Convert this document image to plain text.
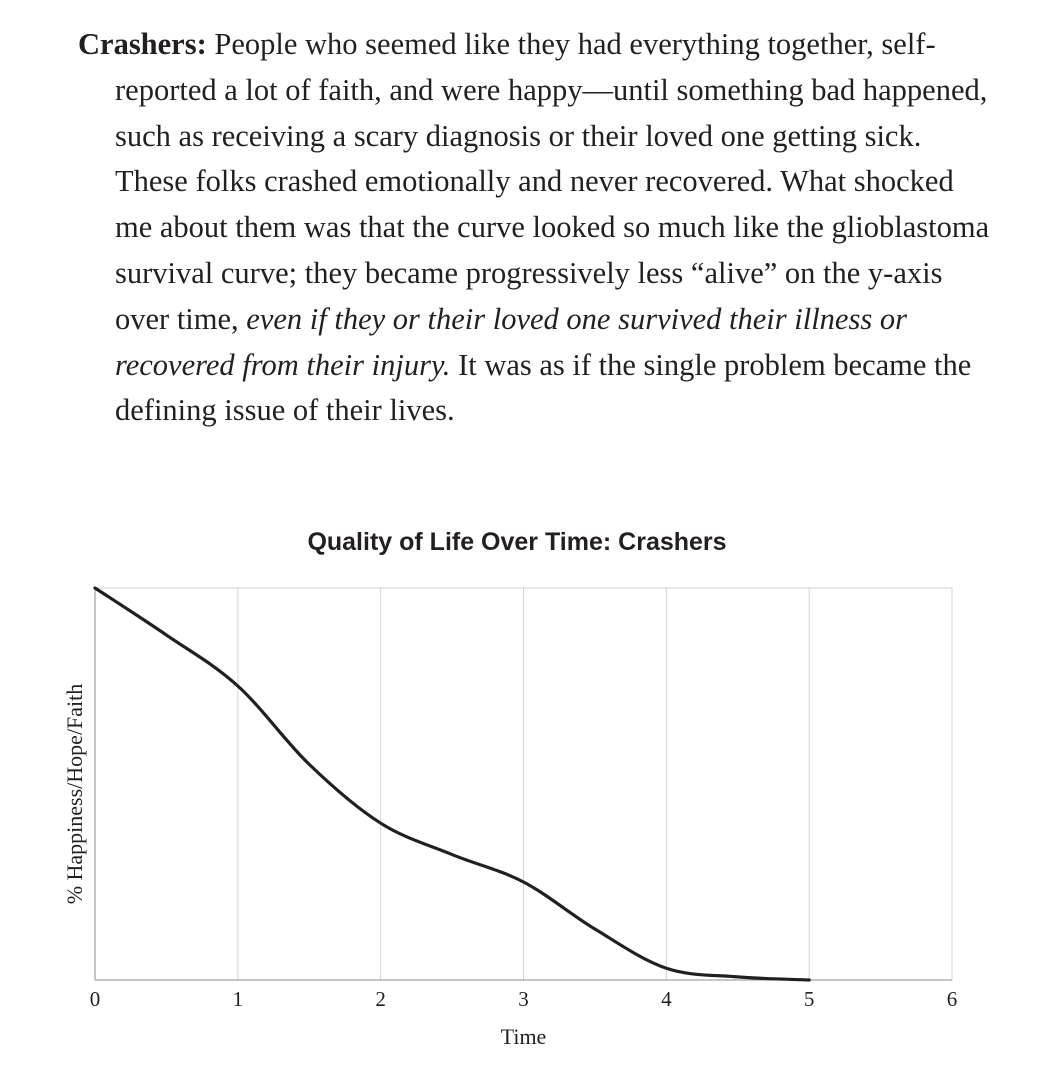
Crashers: People who seemed like they had everything together, self-reported a lot of faith, and were happy—until something bad happened, such as receiving a scary diagnosis or their loved one getting sick. These folks crashed emotionally and never recovered. What shocked me about them was that the curve looked so much like the glioblastoma survival curve; they became progressively less “alive” on the y-axis over time, even if they or their loved one survived their illness or recovered from their injury. It was as if the single problem became the defining issue of their lives.

Quality of Life Over Time: Crashers
0	1	2	3	4	5	6
Time
% Happiness/Hope/Faith
